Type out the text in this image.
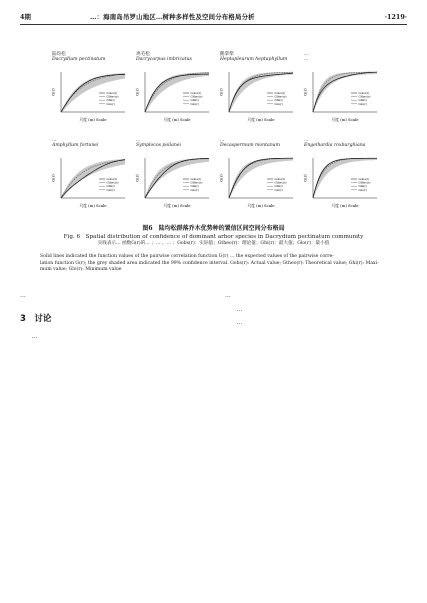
4期	…：海南岛吊罗山地区…树种多样性及空间分布格局分析	·1219·
陆均松
Dacrydium pectinatum
G(r)
尺度 (m) Scale
Gobs(r)
Gtheo(r)
Ghi(r)
Glo(r)
鸡毛松
Dacrycarpus imbricatus
G(r)
尺度 (m) Scale
Gobs(r)
Gtheo(r)
Ghi(r)
Glo(r)
鹅掌柴
Heptapleurum heptaphyllum
G(r)
尺度 (m) Scale
Gobs(r)
Gtheo(r)
Ghi(r)
Glo(r)
…
…
G(r)
尺度 (m) Scale
Gobs(r)
Gtheo(r)
Ghi(r)
Glo(r)
…
Amphyllum fortunei
G(r)
尺度 (m) Scale
Gobs(r)
Gtheo(r)
Ghi(r)
Glo(r)
…
Symplocos poilanei
G(r)
尺度 (m) Scale
Gobs(r)
Gtheo(r)
Ghi(r)
Glo(r)
…
Decaspermum montanum
G(r)
尺度 (m) Scale
Gobs(r)
Gtheo(r)
Ghi(r)
Glo(r)
…
Engelhardia roxburghiana
G(r)
尺度 (m) Scale
Gobs(r)
Gtheo(r)
Ghi(r)
Glo(r)
图6　陆均松群落乔木优势种的置信区间空间分布格局
Fig. 6　Spatial distribution of confidence of dominant arbor species in Dacrydium pectinatum community
实线表示… 函数G(r)的… ；… 、… ；Gobs(r)：实际值；Gtheo(r)：理论值；Ghi(r)：最大值；Glo(r)：最小值
Solid lines indicated the function values of the pairwise correlation function G(r) … the expected values of the pairwise corre-
lation function G(r); the grey shaded area indicated the 99% confidence interval. Gobs(r): Actual value; Gtheo(r): Theoretical value; Ghi(r): Maxi-
mum value; Glo(r): Minimum value

…

3　讨论

…

…

…

…
